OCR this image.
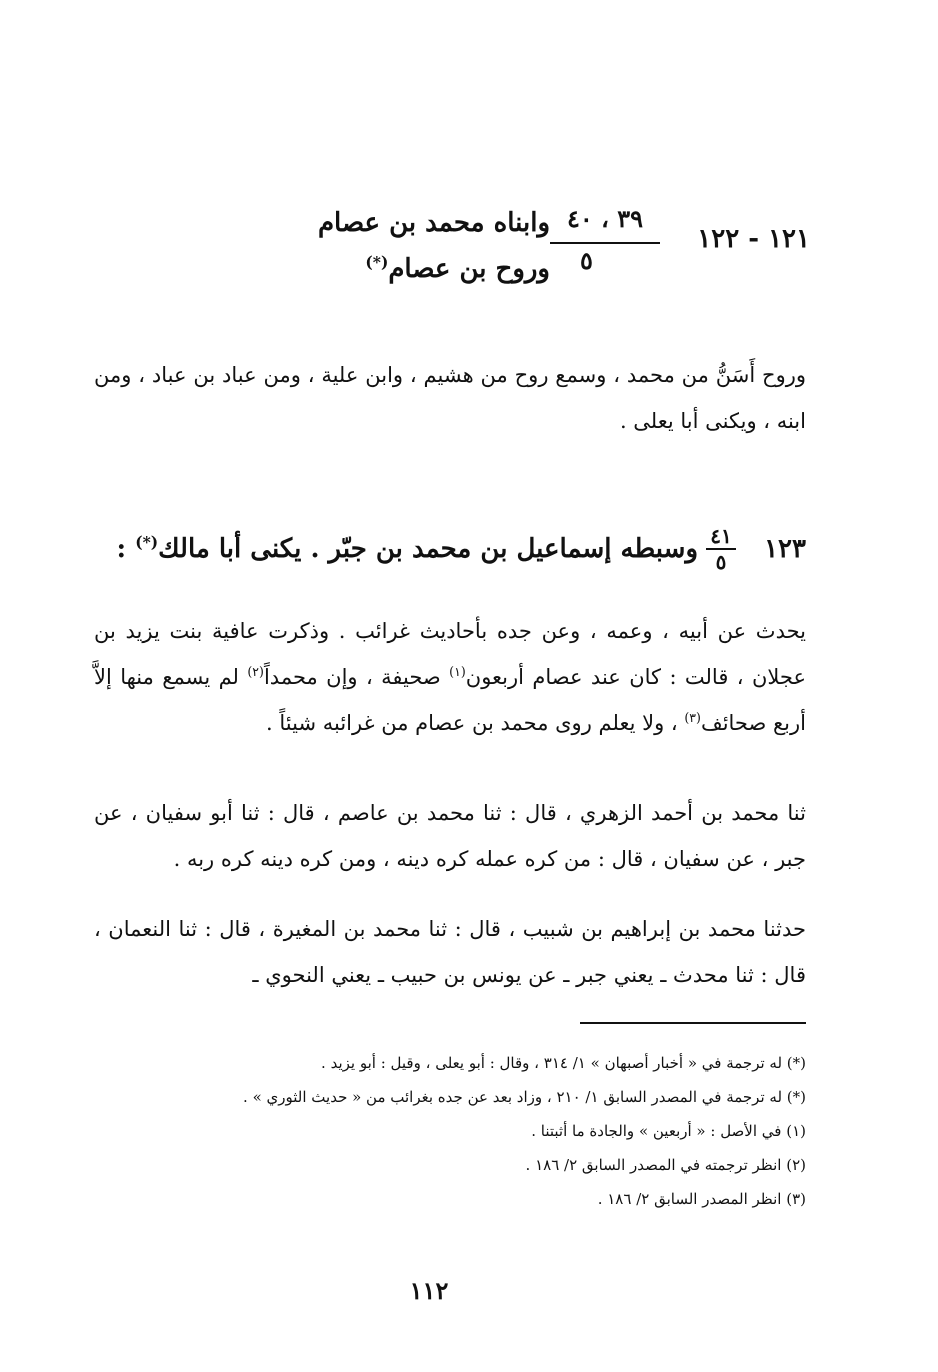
١٢١ - ١٢٢
٣٩ ، ٤٠
٥
وابناه محمد بن عصام
وروح بن عصام(*)
وروح أَسَنُّ من محمد ، وسمع روح من هشيم ، وابن علية ، ومن عباد بن عباد ، ومن ابنه ، ويكنى أبا يعلى .
١٢٣
٤١
٥
وسبطه إسماعيل بن محمد بن جبّر . يكنى أبا مالك(*) :
يحدث عن أبيه ، وعمه ، وعن جده بأحاديث غرائب . وذكرت عافية بنت يزيد بن عجلان ، قالت : كان عند عصام أربعون$^{(١)}$ صحيفة ، وإن محمداً$^{(٢)}$ لم يسمع منها إلاَّ أربع صحائف$^{(٣)}$ ، ولا يعلم روى محمد بن عصام من غرائبه شيئاً .
ثنا محمد بن أحمد الزهري ، قال : ثنا محمد بن عاصم ، قال : ثنا أبو سفيان ، عن جبر ، عن سفيان ، قال : من كره عمله كره دينه ، ومن كره دينه كره ربه .
حدثنا محمد بن إبراهيم بن شبيب ، قال : ثنا محمد بن المغيرة ، قال : ثنا النعمان ، قال : ثنا محدث ـ يعني جبر ـ عن يونس بن حبيب ـ يعني النحوي ـ
(*) له ترجمة في « أخبار أصبهان » ١/ ٣١٤ ، وقال : أبو يعلى ، وقيل : أبو يزيد .
(*) له ترجمة في المصدر السابق ١/ ٢١٠ ، وزاد بعد عن جده بغرائب من « حديث الثوري » .
(١) في الأصل : « أربعين » والجادة ما أثبتنا .
(٢) انظر ترجمته في المصدر السابق ٢/ ١٨٦ .
(٣) انظر المصدر السابق ٢/ ١٨٦ .
١١٢
